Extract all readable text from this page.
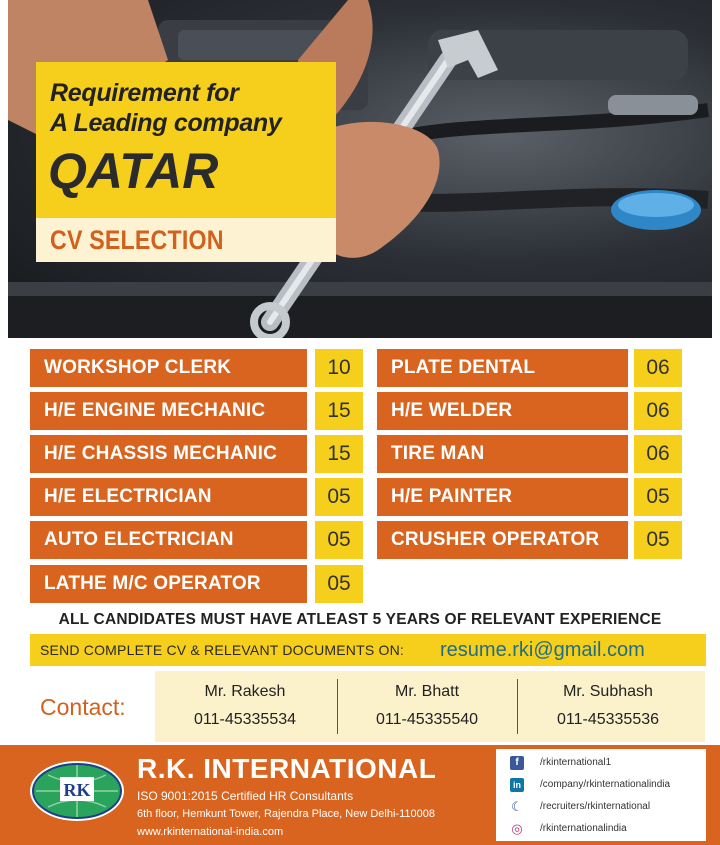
Requirement for
A Leading company
QATAR
CV SELECTION
WORKSHOP CLERK	10
H/E ENGINE MECHANIC	15
H/E CHASSIS MECHANIC	15
H/E ELECTRICIAN	05
AUTO ELECTRICIAN	05
LATHE M/C OPERATOR	05
PLATE DENTAL	06
H/E WELDER	06
TIRE MAN	06
H/E PAINTER	05
CRUSHER OPERATOR	05
ALL CANDIDATES MUST HAVE ATLEAST 5 YEARS OF RELEVANT EXPERIENCE
SEND COMPLETE CV & RELEVANT DOCUMENTS ON: resume.rki@gmail.com
Contact:
Mr. Rakesh
011-45335534
Mr. Bhatt
011-45335540
Mr. Subhash
011-45335536
RK
R.K. INTERNATIONAL
ISO 9001:2015 Certified HR Consultants
6th floor, Hemkunt Tower, Rajendra Place, New Delhi-110008
www.rkinternational-india.com
f	/rkinternational1
in	/company/rkinternationalindia
☾ /recruiters/rkinternational
◎ /rkinternationalindia
